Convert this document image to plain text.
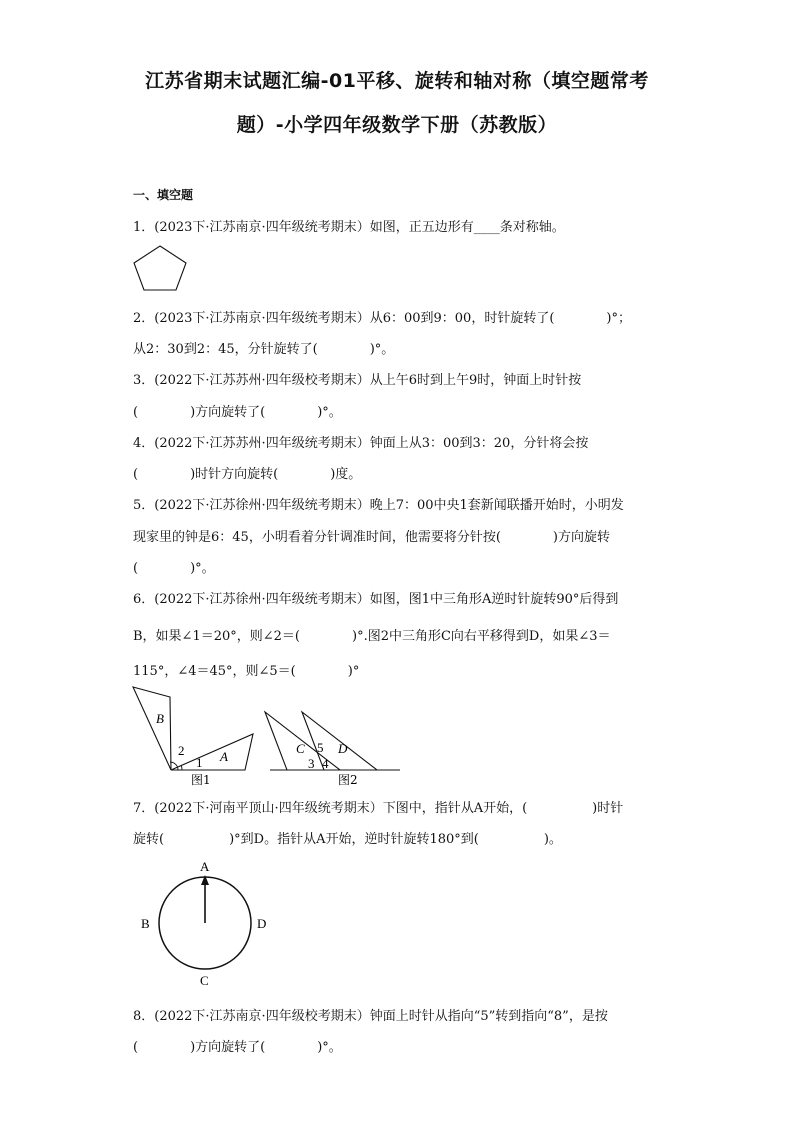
江苏省期末试题汇编-01平移、旋转和轴对称（填空题常考
题）-小学四年级数学下册（苏教版）
一、填空题
1．(2023下·江苏南京·四年级统考期末）如图，正五边形有____条对称轴。
2．(2023下·江苏南京·四年级统考期末）从6：00到9：00，时针旋转了(　　　　)°；
从2：30到2：45，分针旋转了(　　　　)°。
3．(2022下·江苏苏州·四年级校考期末）从上午6时到上午9时，钟面上时针按
(　　　　)方向旋转了(　　　　)°。
4．(2022下·江苏苏州·四年级统考期末）钟面上从3：00到3：20，分针将会按
(　　　　)时针方向旋转(　　　　)度。
5．(2022下·江苏徐州·四年级统考期末）晚上7：00中央1套新闻联播开始时，小明发
现家里的钟是6：45，小明看着分针调准时间，他需要将分针按(　　　　)方向旋转
(　　　　)°。
6．(2022下·江苏徐州·四年级统考期末）如图，图1中三角形A逆时针旋转90°后得到
B，如果∠1＝20°，则∠2＝(　　　　)°.图2中三角形C向右平移得到D，如果∠3＝
115°，∠4＝45°，则∠5＝(　　　　)°
B
A
2
1
图1
C 5 D
3 4
图2
7．(2022下·河南平顶山·四年级统考期末）下图中，指针从A开始，(　　　　　)时针
旋转(　　　　　)°到D。指针从A开始，逆时针旋转180°到(　　　　　)。
A
B	D
C
8．(2022下·江苏南京·四年级校考期末）钟面上时针从指向“5”转到指向“8”，是按
(　　　　)方向旋转了(　　　　)°。
